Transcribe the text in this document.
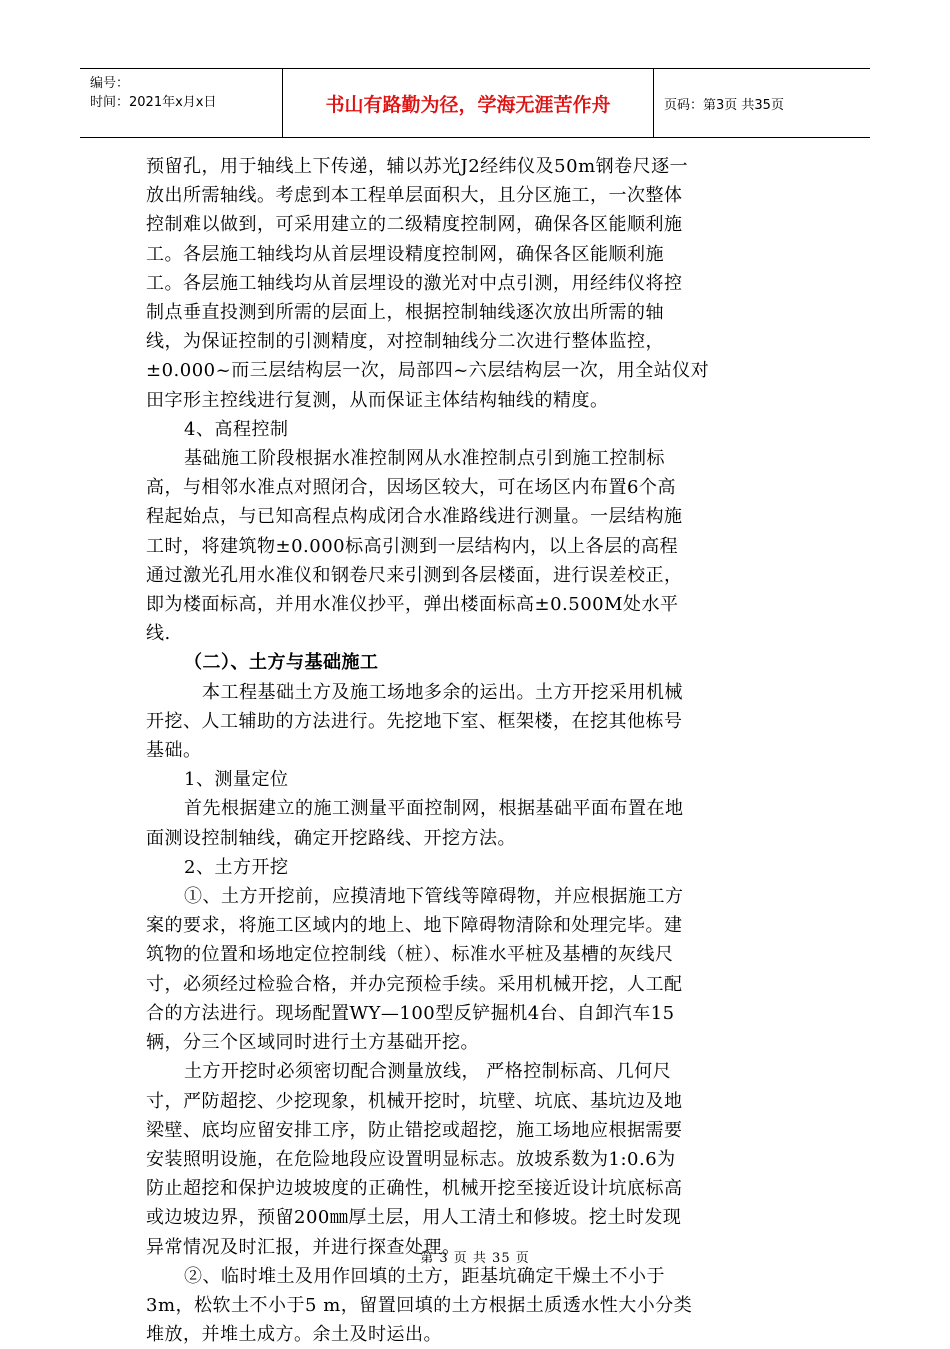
编号：
时间：2021年x月x日	书山有路勤为径，学海无涯苦作舟	页码：第3页 共35页

预留孔，用于轴线上下传递，辅以苏光J2经纬仪及50m钢卷尺逐一

放出所需轴线。考虑到本工程单层面积大，且分区施工，一次整体

控制难以做到，可采用建立的二级精度控制网，确保各区能顺利施

工。各层施工轴线均从首层埋设精度控制网，确保各区能顺利施

工。各层施工轴线均从首层埋设的激光对中点引测，用经纬仪将控

制点垂直投测到所需的层面上，根据控制轴线逐次放出所需的轴

线，为保证控制的引测精度，对控制轴线分二次进行整体监控，

±0.000~而三层结构层一次，局部四~六层结构层一次，用全站仪对

田字形主控线进行复测，从而保证主体结构轴线的精度。

4、高程控制

基础施工阶段根据水准控制网从水准控制点引到施工控制标

高，与相邻水准点对照闭合，因场区较大，可在场区内布置6个高

程起始点，与已知高程点构成闭合水准路线进行测量。一层结构施

工时，将建筑物±0.000标高引测到一层结构内，以上各层的高程

通过激光孔用水准仪和钢卷尺来引测到各层楼面，进行误差校正，

即为楼面标高，并用水准仪抄平，弹出楼面标高±0.500M处水平

线.

（二）、土方与基础施工

本工程基础土方及施工场地多余的运出。土方开挖采用机械

开挖、人工辅助的方法进行。先挖地下室、框架楼，在挖其他栋号

基础。

1、测量定位

首先根据建立的施工测量平面控制网，根据基础平面布置在地

面测设控制轴线，确定开挖路线、开挖方法。

2、土方开挖

①、土方开挖前，应摸清地下管线等障碍物，并应根据施工方

案的要求，将施工区域内的地上、地下障碍物清除和处理完毕。建

筑物的位置和场地定位控制线（桩）、标准水平桩及基槽的灰线尺

寸，必须经过检验合格，并办完预检手续。采用机械开挖，人工配

合的方法进行。现场配置WY—100型反铲掘机4台、自卸汽车15

辆，分三个区域同时进行土方基础开挖。

土方开挖时必须密切配合测量放线， 严格控制标高、几何尺

寸，严防超挖、少挖现象，机械开挖时，坑壁、坑底、基坑边及地

梁壁、底均应留安排工序，防止错挖或超挖，施工场地应根据需要

安装照明设施，在危险地段应设置明显标志。放坡系数为1:0.6为

防止超挖和保护边坡坡度的正确性，机械开挖至接近设计坑底标高

或边坡边界，预留200㎜厚土层，用人工清土和修坡。挖土时发现

异常情况及时汇报，并进行探查处理。

②、临时堆土及用作回填的土方，距基坑确定干燥土不小于

3m，松软土不小于5 m，留置回填的土方根据土质透水性大小分类

堆放，并堆土成方。余土及时运出。

第 3 页 共 35 页
